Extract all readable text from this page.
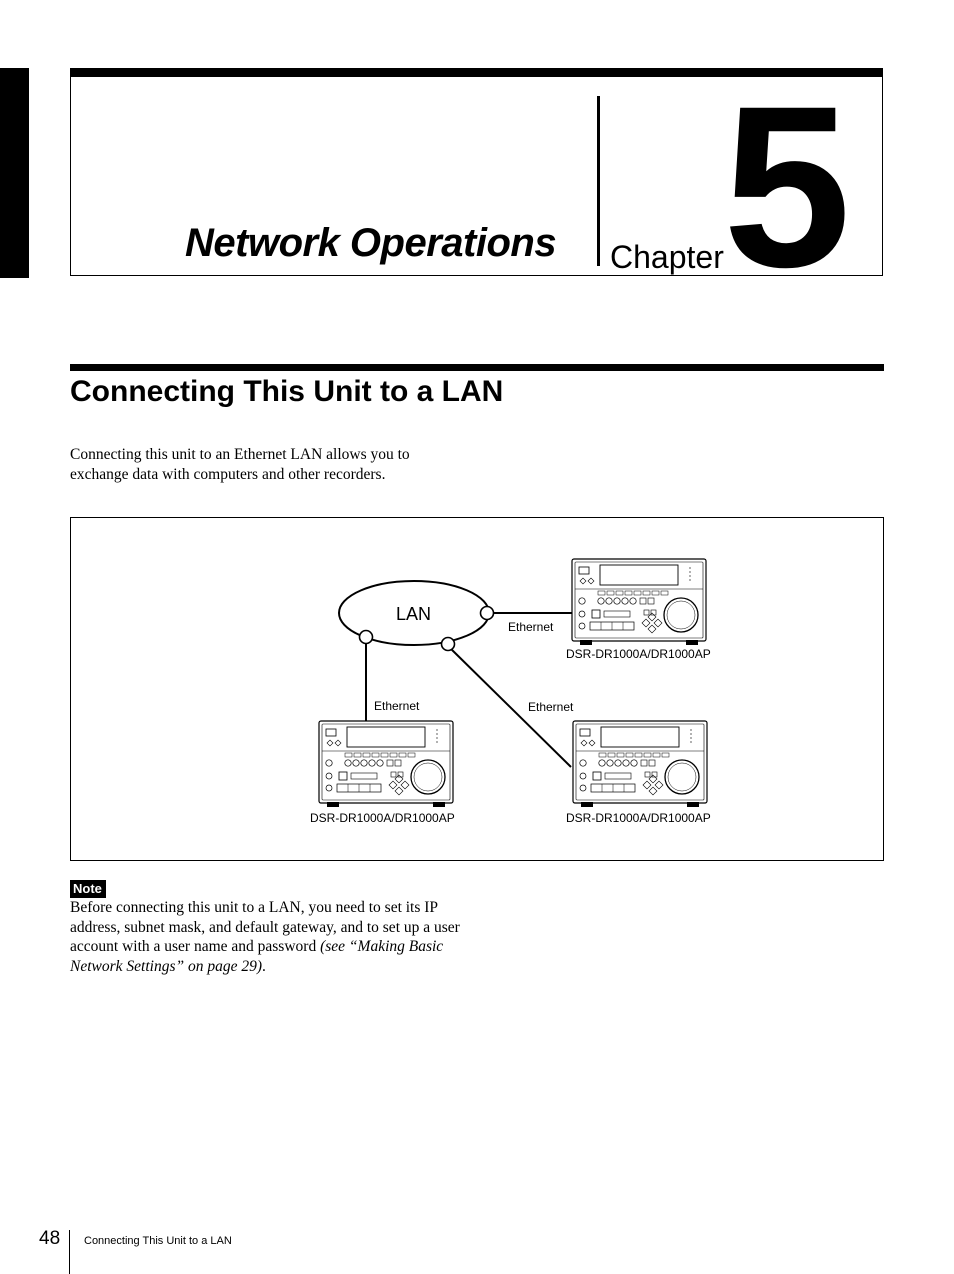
Network Operations Chapter 5
Connecting This Unit to a LAN

Connecting this unit to an Ethernet LAN allows you to exchange data with computers and other recorders.

LAN
Ethernet
Ethernet	Ethernet
DSR-DR1000A/DR1000AP
DSR-DR1000A/DR1000AP	DSR-DR1000A/DR1000AP
Note

Before connecting this unit to a LAN, you need to set its IP address, subnet mask, and default gateway, and to set up a user account with a user name and password (see “Making Basic Network Settings” on page 29).

48 Connecting This Unit to a LAN
